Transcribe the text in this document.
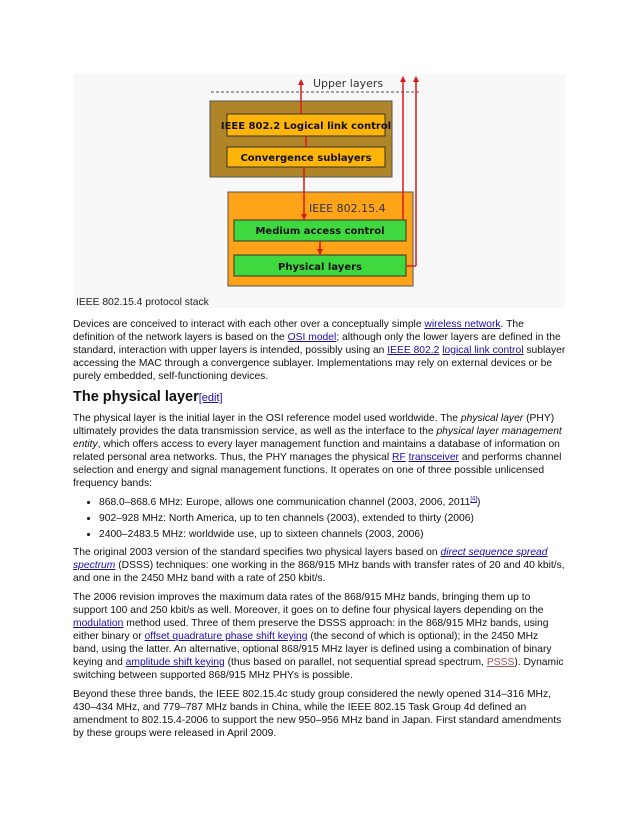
Upper layers
IEEE 802.15.4
IEEE 802.2 Logical link control
Convergence sublayers
Medium access control
Physical layers
IEEE 802.15.4 protocol stack

Devices are conceived to interact with each other over a conceptually simple wireless network. The definition of the network layers is based on the OSI model; although only the lower layers are defined in the standard, interaction with upper layers is intended, possibly using an IEEE 802.2 logical link control sublayer accessing the MAC through a convergence sublayer. Implementations may rely on external devices or be purely embedded, self-functioning devices.

The physical layer[edit]

The physical layer is the initial layer in the OSI reference model used worldwide. The physical layer (PHY) ultimately provides the data transmission service, as well as the interface to the physical layer management entity, which offers access to every layer management function and maintains a database of information on related personal area networks. Thus, the PHY manages the physical RF transceiver and performs channel selection and energy and signal management functions. It operates on one of three possible unlicensed frequency bands:

• 868.0–868.6 MHz: Europe, allows one communication channel (2003, 2006, 2011[4])
• 902–928 MHz: North America, up to ten channels (2003), extended to thirty (2006)
• 2400–2483.5 MHz: worldwide use, up to sixteen channels (2003, 2006)

The original 2003 version of the standard specifies two physical layers based on direct sequence spread spectrum (DSSS) techniques: one working in the 868/915 MHz bands with transfer rates of 20 and 40 kbit/s, and one in the 2450 MHz band with a rate of 250 kbit/s.

The 2006 revision improves the maximum data rates of the 868/915 MHz bands, bringing them up to support 100 and 250 kbit/s as well. Moreover, it goes on to define four physical layers depending on the modulation method used. Three of them preserve the DSSS approach: in the 868/915 MHz bands, using either binary or offset quadrature phase shift keying (the second of which is optional); in the 2450 MHz band, using the latter. An alternative, optional 868/915 MHz layer is defined using a combination of binary keying and amplitude shift keying (thus based on parallel, not sequential spread spectrum, PSSS). Dynamic switching between supported 868/915 MHz PHYs is possible.

Beyond these three bands, the IEEE 802.15.4c study group considered the newly opened 314–316 MHz, 430–434 MHz, and 779–787 MHz bands in China, while the IEEE 802.15 Task Group 4d defined an amendment to 802.15.4-2006 to support the new 950–956 MHz band in Japan. First standard amendments by these groups were released in April 2009.
